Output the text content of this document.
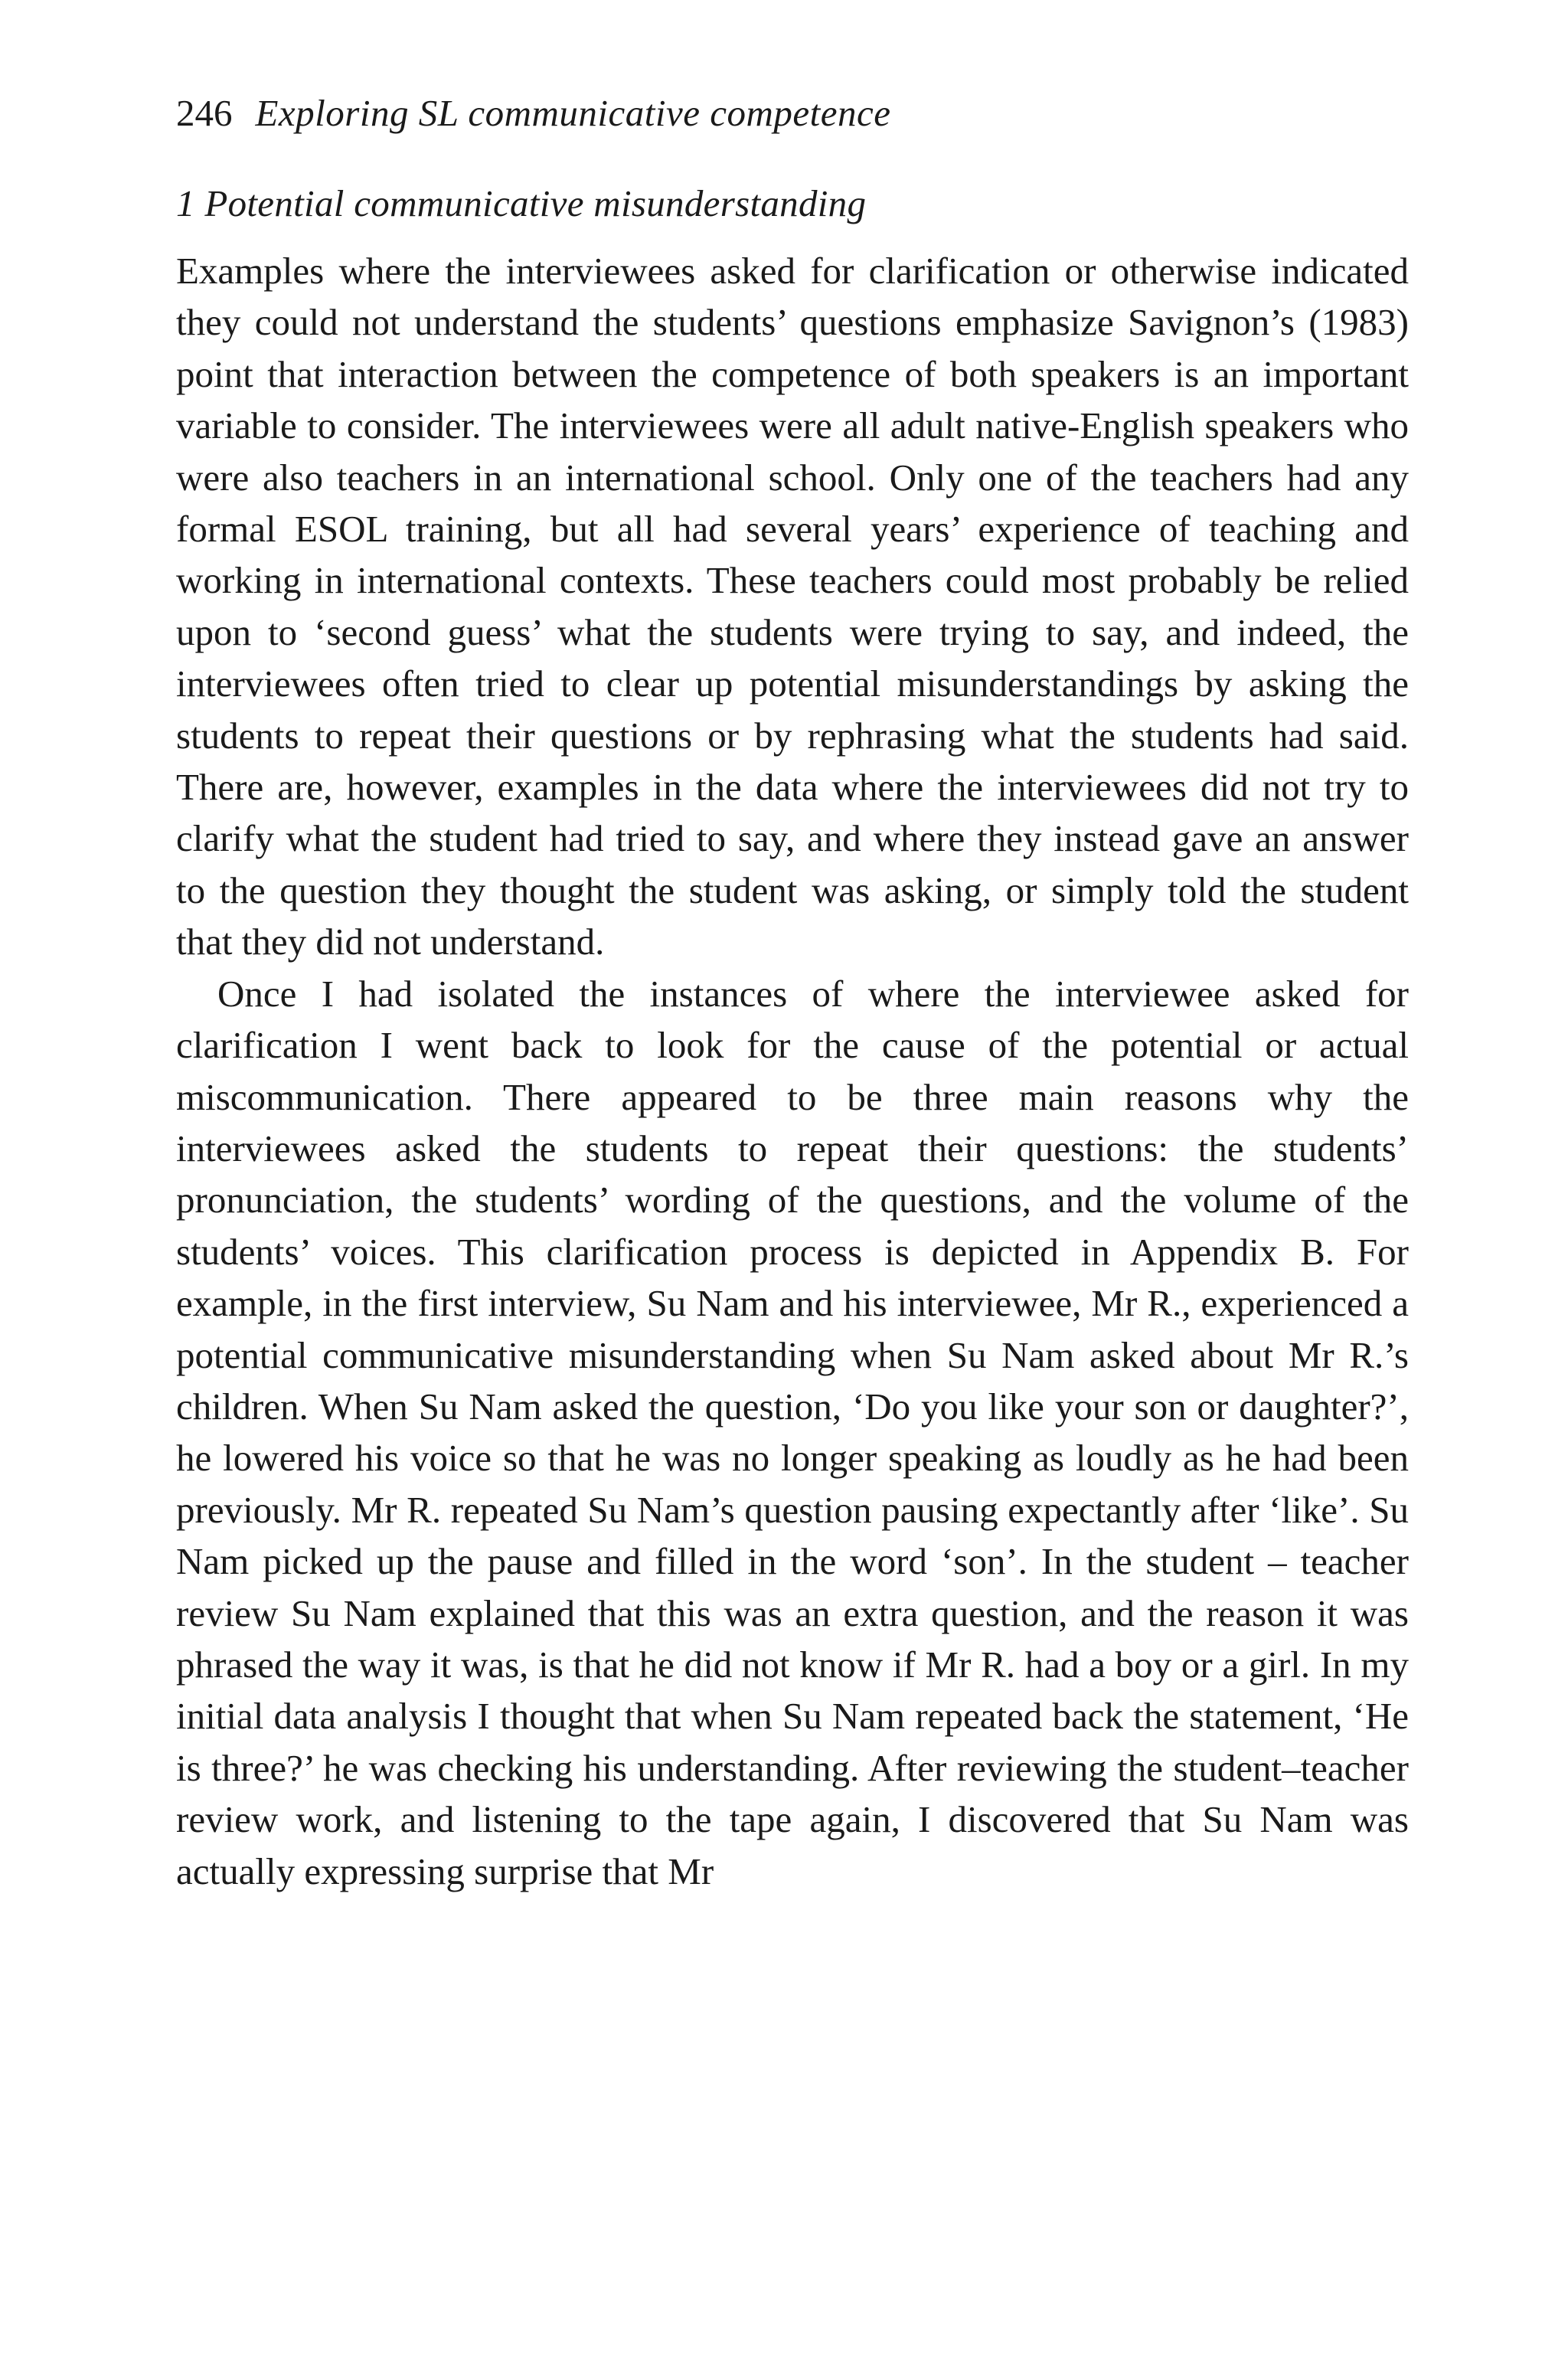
246 Exploring SL communicative competence
1 Potential communicative misunderstanding

Examples where the interviewees asked for clarification or otherwise indicated they could not understand the students’ questions emphasize Savignon’s (1983) point that interaction between the competence of both speakers is an important variable to consider. The interviewees were all adult native-English speakers who were also teachers in an international school. Only one of the teachers had any formal ESOL training, but all had several years’ experience of teaching and working in international contexts. These teachers could most probably be relied upon to ‘second guess’ what the students were trying to say, and indeed, the interviewees often tried to clear up potential misunderstandings by asking the students to repeat their questions or by rephrasing what the students had said. There are, however, examples in the data where the interviewees did not try to clarify what the student had tried to say, and where they instead gave an answer to the question they thought the student was asking, or simply told the student that they did not understand.

Once I had isolated the instances of where the interviewee asked for clarification I went back to look for the cause of the potential or actual miscommunication. There appeared to be three main reasons why the interviewees asked the students to repeat their questions: the students’ pronunciation, the students’ wording of the questions, and the volume of the students’ voices. This clarification process is depicted in Appendix B. For example, in the first interview, Su Nam and his interviewee, Mr R., experienced a potential communicative misunderstanding when Su Nam asked about Mr R.’s children. When Su Nam asked the question, ‘Do you like your son or daughter?’, he lowered his voice so that he was no longer speaking as loudly as he had been previously. Mr R. repeated Su Nam’s question pausing expectantly after ‘like’. Su Nam picked up the pause and filled in the word ‘son’. In the student – teacher review Su Nam explained that this was an extra question, and the reason it was phrased the way it was, is that he did not know if Mr R. had a boy or a girl. In my initial data analysis I thought that when Su Nam repeated back the statement, ‘He is three?’ he was checking his understanding. After reviewing the student–teacher review work, and listening to the tape again, I discovered that Su Nam was actually expressing surprise that Mr
